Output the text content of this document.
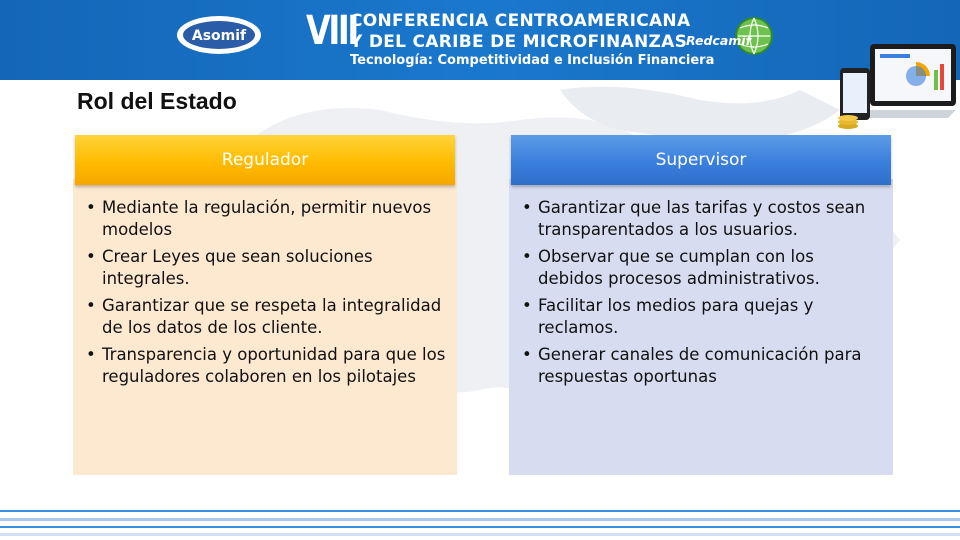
Asomif VIII
CONFERENCIA CENTROAMERICANA
Y DEL CARIBE DE MICROFINANZAS
Tecnología: Competitividad e Inclusión Financiera
Redcamif
Rol del Estado
Regulador
• Mediante la regulación, permitir nuevos modelos
• Crear Leyes que sean soluciones integrales.
• Garantizar que se respeta la integralidad de los datos de los cliente.
• Transparencia y oportunidad para que los reguladores colaboren en los pilotajes
Supervisor
• Garantizar que las tarifas y costos sean transparentados a los usuarios.
• Observar que se cumplan con los debidos procesos administrativos.
• Facilitar los medios para quejas y reclamos.
• Generar canales de comunicación para respuestas oportunas
